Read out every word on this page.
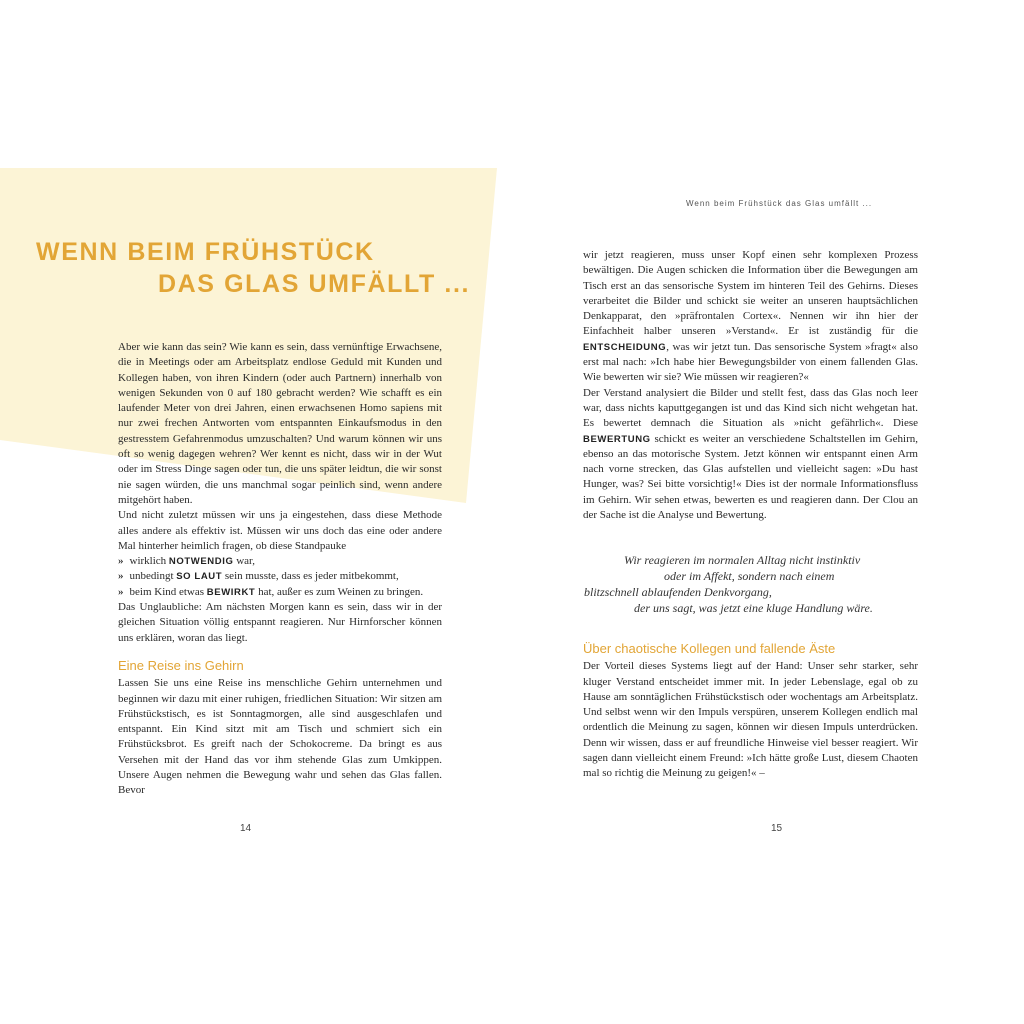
WENN BEIM FRÜHSTÜCK
DAS GLAS UMFÄLLT ...

Aber wie kann das sein? Wie kann es sein, dass vernünftige Erwachsene, die in Meetings oder am Arbeitsplatz endlose Geduld mit Kunden und Kollegen haben, von ihren Kindern (oder auch Partnern) innerhalb von wenigen Sekunden von 0 auf 180 gebracht werden? Wie schafft es ein laufender Meter von drei Jahren, einen erwachsenen Homo sapiens mit nur zwei frechen Antworten vom entspannten Einkaufsmodus in den gestresstem Gefahrenmodus umzuschalten? Und warum können wir uns oft so wenig dagegen wehren? Wer kennt es nicht, dass wir in der Wut oder im Stress Dinge sagen oder tun, die uns später leidtun, die wir sonst nie sagen würden, die uns manchmal sogar peinlich sind, wenn andere mitgehört haben.

Und nicht zuletzt müssen wir uns ja eingestehen, dass diese Methode alles andere als effektiv ist. Müssen wir uns doch das eine oder andere Mal hinterher heimlich fragen, ob diese Standpauke

» wirklich NOTWENDIG war,

» unbedingt SO LAUT sein musste, dass es jeder mitbekommt,

» beim Kind etwas BEWIRKT hat, außer es zum Weinen zu bringen.

Das Unglaubliche: Am nächsten Morgen kann es sein, dass wir in der gleichen Situation völlig entspannt reagieren. Nur Hirnforscher können uns erklären, woran das liegt.

Eine Reise ins Gehirn

Lassen Sie uns eine Reise ins menschliche Gehirn unternehmen und beginnen wir dazu mit einer ruhigen, friedlichen Situation: Wir sitzen am Frühstückstisch, es ist Sonntagmorgen, alle sind ausgeschlafen und entspannt. Ein Kind sitzt mit am Tisch und schmiert sich ein Frühstücksbrot. Es greift nach der Schokocreme. Da bringt es aus Versehen mit der Hand das vor ihm stehende Glas zum Umkippen. Unsere Augen nehmen die Bewegung wahr und sehen das Glas fallen. Bevor

14
Wenn beim Frühstück das Glas umfällt ...

wir jetzt reagieren, muss unser Kopf einen sehr komplexen Prozess bewältigen. Die Augen schicken die Information über die Bewegungen am Tisch erst an das sensorische System im hinteren Teil des Gehirns. Dieses verarbeitet die Bilder und schickt sie weiter an unseren hauptsächlichen Denkapparat, den »präfrontalen Cortex«. Nennen wir ihn hier der Einfachheit halber unseren »Verstand«. Er ist zuständig für die ENTSCHEIDUNG, was wir jetzt tun. Das sensorische System »fragt« also erst mal nach: »Ich habe hier Bewegungsbilder von einem fallenden Glas. Wie bewerten wir sie? Wie müssen wir reagieren?«

Der Verstand analysiert die Bilder und stellt fest, dass das Glas noch leer war, dass nichts kaputtgegangen ist und das Kind sich nicht wehgetan hat. Es bewertet demnach die Situation als »nicht gefährlich«. Diese BEWERTUNG schickt es weiter an verschiedene Schaltstellen im Gehirn, ebenso an das motorische System. Jetzt können wir entspannt einen Arm nach vorne strecken, das Glas aufstellen und vielleicht sagen: »Du hast Hunger, was? Sei bitte vorsichtig!« Dies ist der normale Informationsfluss im Gehirn. Wir sehen etwas, bewerten es und reagieren dann. Der Clou an der Sache ist die Analyse und Bewertung.

Wir reagieren im normalen Alltag nicht instinktiv
oder im Affekt, sondern nach einem
blitzschnell ablaufenden Denkvorgang,
der uns sagt, was jetzt eine kluge Handlung wäre.
Über chaotische Kollegen und fallende Äste

Der Vorteil dieses Systems liegt auf der Hand: Unser sehr starker, sehr kluger Verstand entscheidet immer mit. In jeder Lebenslage, egal ob zu Hause am sonntäglichen Frühstückstisch oder wochentags am Arbeitsplatz. Und selbst wenn wir den Impuls verspüren, unserem Kollegen endlich mal ordentlich die Meinung zu sagen, können wir diesen Impuls unterdrücken. Denn wir wissen, dass er auf freundliche Hinweise viel besser reagiert. Wir sagen dann vielleicht einem Freund: »Ich hätte große Lust, diesem Chaoten mal so richtig die Meinung zu geigen!« –

15
